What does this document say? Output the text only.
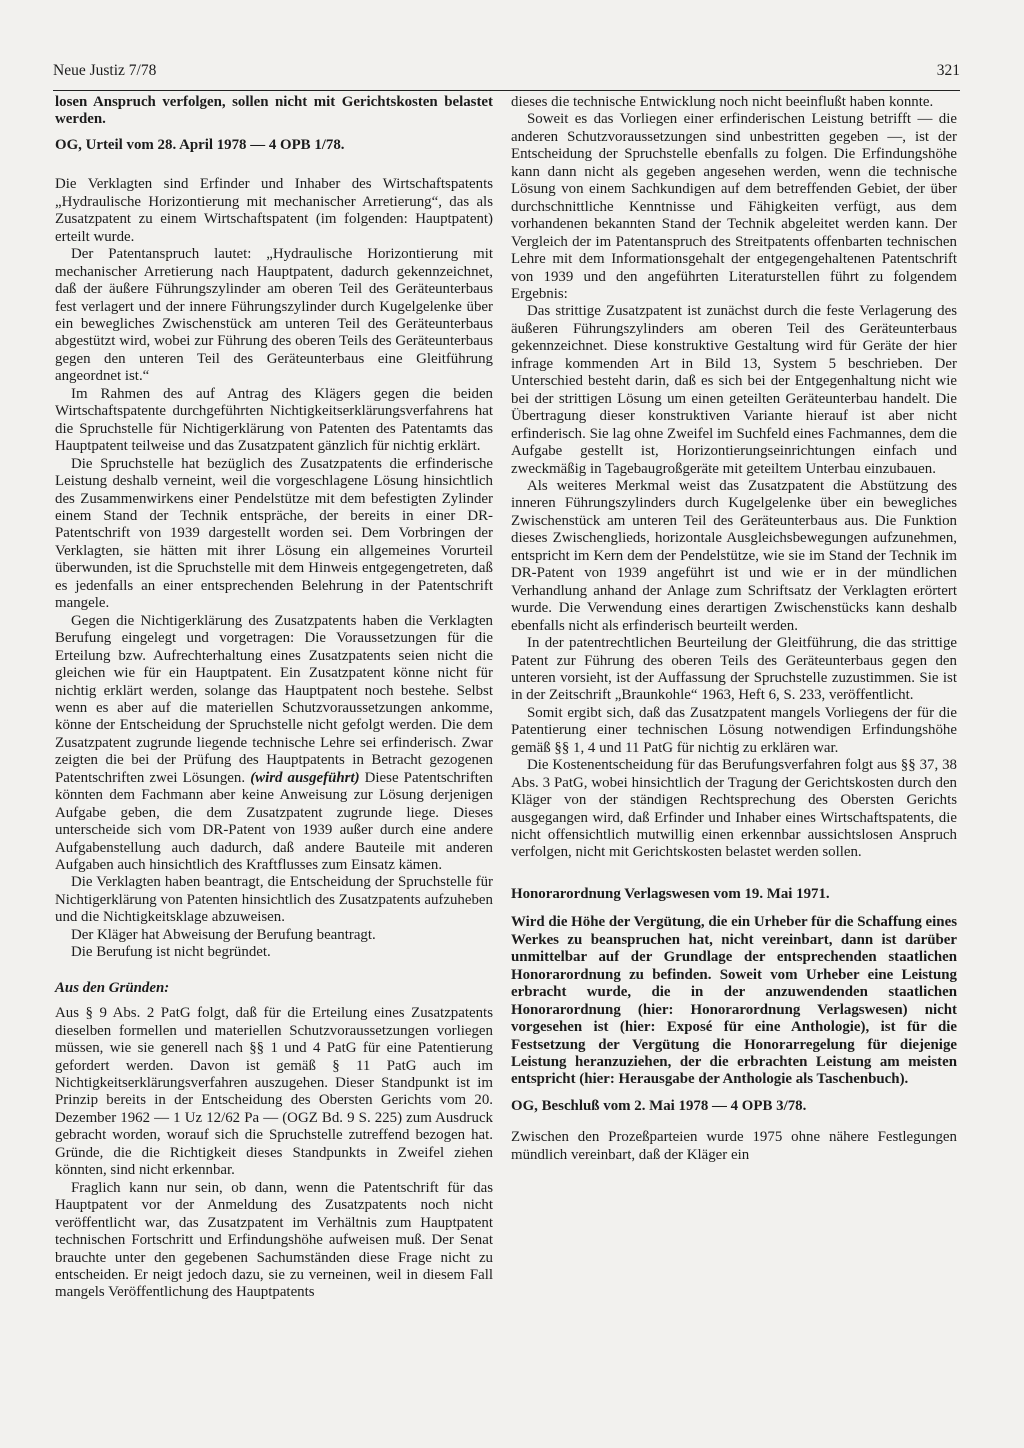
Neue Justiz 7/78	321

losen Anspruch verfolgen, sollen nicht mit Gerichtskosten belastet werden.

OG, Urteil vom 28. April 1978 — 4 OPB 1/78.

Die Verklagten sind Erfinder und Inhaber des Wirtschaftspatents „Hydraulische Horizontierung mit mechanischer Arretierung“, das als Zusatzpatent zu einem Wirtschaftspatent (im folgenden: Hauptpatent) erteilt wurde.

Der Patentanspruch lautet: „Hydraulische Horizontierung mit mechanischer Arretierung nach Hauptpatent, dadurch gekennzeichnet, daß der äußere Führungszylinder am oberen Teil des Geräteunterbaus fest verlagert und der innere Führungszylinder durch Kugelgelenke über ein bewegliches Zwischenstück am unteren Teil des Geräteunterbaus abgestützt wird, wobei zur Führung des oberen Teils des Geräteunterbaus gegen den unteren Teil des Geräteunterbaus eine Gleitführung angeordnet ist.“

Im Rahmen des auf Antrag des Klägers gegen die beiden Wirtschaftspatente durchgeführten Nichtigkeitserklärungsverfahrens hat die Spruchstelle für Nichtigerklärung von Patenten des Patentamts das Hauptpatent teilweise und das Zusatzpatent gänzlich für nichtig erklärt.

Die Spruchstelle hat bezüglich des Zusatzpatents die erfinderische Leistung deshalb verneint, weil die vorgeschlagene Lösung hinsichtlich des Zusammenwirkens einer Pendelstütze mit dem befestigten Zylinder einem Stand der Technik entspräche, der bereits in einer DR-Patentschrift von 1939 dargestellt worden sei. Dem Vorbringen der Verklagten, sie hätten mit ihrer Lösung ein allgemeines Vorurteil überwunden, ist die Spruchstelle mit dem Hinweis entgegengetreten, daß es jedenfalls an einer entsprechenden Belehrung in der Patentschrift mangele.

Gegen die Nichtigerklärung des Zusatzpatents haben die Verklagten Berufung eingelegt und vorgetragen: Die Voraussetzungen für die Erteilung bzw. Aufrechterhaltung eines Zusatzpatents seien nicht die gleichen wie für ein Hauptpatent. Ein Zusatzpatent könne nicht für nichtig erklärt werden, solange das Hauptpatent noch bestehe. Selbst wenn es aber auf die materiellen Schutzvoraussetzungen ankomme, könne der Entscheidung der Spruchstelle nicht gefolgt werden. Die dem Zusatzpatent zugrunde liegende technische Lehre sei erfinderisch. Zwar zeigten die bei der Prüfung des Hauptpatents in Betracht gezogenen Patentschriften zwei Lösungen. (wird ausgeführt) Diese Patentschriften könnten dem Fachmann aber keine Anweisung zur Lösung derjenigen Aufgabe geben, die dem Zusatzpatent zugrunde liege. Dieses unterscheide sich vom DR-Patent von 1939 außer durch eine andere Aufgabenstellung auch dadurch, daß andere Bauteile mit anderen Aufgaben auch hinsichtlich des Kraftflusses zum Einsatz kämen.

Die Verklagten haben beantragt, die Entscheidung der Spruchstelle für Nichtigerklärung von Patenten hinsichtlich des Zusatzpatents aufzuheben und die Nichtigkeitsklage abzuweisen.

Der Kläger hat Abweisung der Berufung beantragt.

Die Berufung ist nicht begründet.

Aus den Gründen:

Aus § 9 Abs. 2 PatG folgt, daß für die Erteilung eines Zusatzpatents dieselben formellen und materiellen Schutzvoraussetzungen vorliegen müssen, wie sie generell nach §§ 1 und 4 PatG für eine Patentierung gefordert werden. Davon ist gemäß § 11 PatG auch im Nichtigkeitserklärungsverfahren auszugehen. Dieser Standpunkt ist im Prinzip bereits in der Entscheidung des Obersten Gerichts vom 20. Dezember 1962 — 1 Uz 12/62 Pa — (OGZ Bd. 9 S. 225) zum Ausdruck gebracht worden, worauf sich die Spruchstelle zutreffend bezogen hat. Gründe, die die Richtigkeit dieses Standpunkts in Zweifel ziehen könnten, sind nicht erkennbar.

Fraglich kann nur sein, ob dann, wenn die Patentschrift für das Hauptpatent vor der Anmeldung des Zusatzpatents noch nicht veröffentlicht war, das Zusatzpatent im Verhältnis zum Hauptpatent technischen Fortschritt und Erfindungshöhe aufweisen muß. Der Senat brauchte unter den gegebenen Sachumständen diese Frage nicht zu entscheiden. Er neigt jedoch dazu, sie zu verneinen, weil in diesem Fall mangels Veröffentlichung des Hauptpatents

dieses die technische Entwicklung noch nicht beeinflußt haben konnte.

Soweit es das Vorliegen einer erfinderischen Leistung betrifft — die anderen Schutzvoraussetzungen sind unbestritten gegeben —, ist der Entscheidung der Spruchstelle ebenfalls zu folgen. Die Erfindungshöhe kann dann nicht als gegeben angesehen werden, wenn die technische Lösung von einem Sachkundigen auf dem betreffenden Gebiet, der über durchschnittliche Kenntnisse und Fähigkeiten verfügt, aus dem vorhandenen bekannten Stand der Technik abgeleitet werden kann. Der Vergleich der im Patentanspruch des Streitpatents offenbarten technischen Lehre mit dem Informationsgehalt der entgegengehaltenen Patentschrift von 1939 und den angeführten Literaturstellen führt zu folgendem Ergebnis:

Das strittige Zusatzpatent ist zunächst durch die feste Verlagerung des äußeren Führungszylinders am oberen Teil des Geräteunterbaus gekennzeichnet. Diese konstruktive Gestaltung wird für Geräte der hier infrage kommenden Art in Bild 13, System 5 beschrieben. Der Unterschied besteht darin, daß es sich bei der Entgegenhaltung nicht wie bei der strittigen Lösung um einen geteilten Geräteunterbau handelt. Die Übertragung dieser konstruktiven Variante hierauf ist aber nicht erfinderisch. Sie lag ohne Zweifel im Suchfeld eines Fachmannes, dem die Aufgabe gestellt ist, Horizontierungseinrichtungen einfach und zweckmäßig in Tagebaugroßgeräte mit geteiltem Unterbau einzubauen.

Als weiteres Merkmal weist das Zusatzpatent die Abstützung des inneren Führungszylinders durch Kugelgelenke über ein bewegliches Zwischenstück am unteren Teil des Geräteunterbaus aus. Die Funktion dieses Zwischenglieds, horizontale Ausgleichsbewegungen aufzunehmen, entspricht im Kern dem der Pendelstütze, wie sie im Stand der Technik im DR-Patent von 1939 angeführt ist und wie er in der mündlichen Verhandlung anhand der Anlage zum Schriftsatz der Verklagten erörtert wurde. Die Verwendung eines derartigen Zwischenstücks kann deshalb ebenfalls nicht als erfinderisch beurteilt werden.

In der patentrechtlichen Beurteilung der Gleitführung, die das strittige Patent zur Führung des oberen Teils des Geräteunterbaus gegen den unteren vorsieht, ist der Auffassung der Spruchstelle zuzustimmen. Sie ist in der Zeitschrift „Braunkohle“ 1963, Heft 6, S. 233, veröffentlicht.

Somit ergibt sich, daß das Zusatzpatent mangels Vorliegens der für die Patentierung einer technischen Lösung notwendigen Erfindungshöhe gemäß §§ 1, 4 und 11 PatG für nichtig zu erklären war.

Die Kostenentscheidung für das Berufungsverfahren folgt aus §§ 37, 38 Abs. 3 PatG, wobei hinsichtlich der Tragung der Gerichtskosten durch den Kläger von der ständigen Rechtsprechung des Obersten Gerichts ausgegangen wird, daß Erfinder und Inhaber eines Wirtschaftspatents, die nicht offensichtlich mutwillig einen erkennbar aussichtslosen Anspruch verfolgen, nicht mit Gerichtskosten belastet werden sollen.

Honorarordnung Verlagswesen vom 19. Mai 1971.

Wird die Höhe der Vergütung, die ein Urheber für die Schaffung eines Werkes zu beanspruchen hat, nicht vereinbart, dann ist darüber unmittelbar auf der Grundlage der entsprechenden staatlichen Honorarordnung zu befinden. Soweit vom Urheber eine Leistung erbracht wurde, die in der anzuwendenden staatlichen Honorarordnung (hier: Honorarordnung Verlagswesen) nicht vorgesehen ist (hier: Exposé für eine Anthologie), ist für die Festsetzung der Vergütung die Honorarregelung für diejenige Leistung heranzuziehen, der die erbrachten Leistung am meisten entspricht (hier: Herausgabe der Anthologie als Taschenbuch).

OG, Beschluß vom 2. Mai 1978 — 4 OPB 3/78.

Zwischen den Prozeßparteien wurde 1975 ohne nähere Festlegungen mündlich vereinbart, daß der Kläger ein
